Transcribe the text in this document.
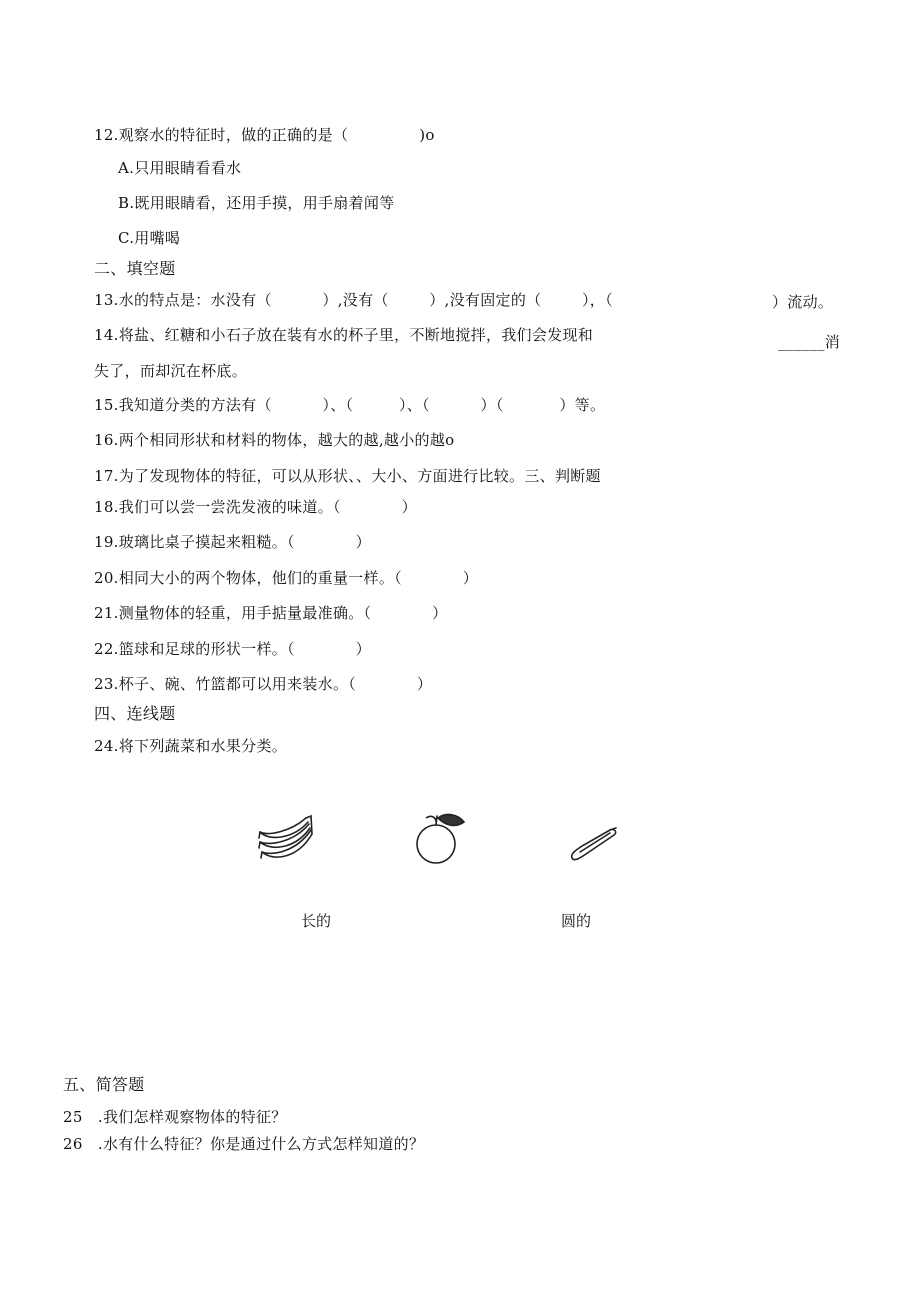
12.观察水的特征时，做的正确的是（              )o
A.只用眼睛看看水
B.既用眼睛看，还用手摸，用手扇着闻等
C.用嘴喝
二、填空题
13.水的特点是：水没有（          ）,没有（        ）,没有固定的（        ），（	）流动。
14.将盐、红糖和小石子放在装有水的杯子里，不断地搅拌，我们会发现和	______消
失了，而却沉在杯底。
15.我知道分类的方法有（          ）、（         ）、（          ）（           ）等。
16.两个相同形状和材料的物体，越大的越,越小的越o
17.为了发现物体的特征，可以从形状、、大小、方面进行比较。三、判断题
18.我们可以尝一尝洗发液的味道。（            ）
19.玻璃比桌子摸起来粗糙。（            ）
20.相同大小的两个物体，他们的重量一样。（            ）
21.测量物体的轻重，用手掂量最准确。（            ）
22.篮球和足球的形状一样。（            ）
23.杯子、碗、竹篮都可以用来装水。（            ）
四、连线题
24.将下列蔬菜和水果分类。
长的	圆的
五、简答题
25   .我们怎样观察物体的特征？
26   .水有什么特征？你是通过什么方式怎样知道的？
